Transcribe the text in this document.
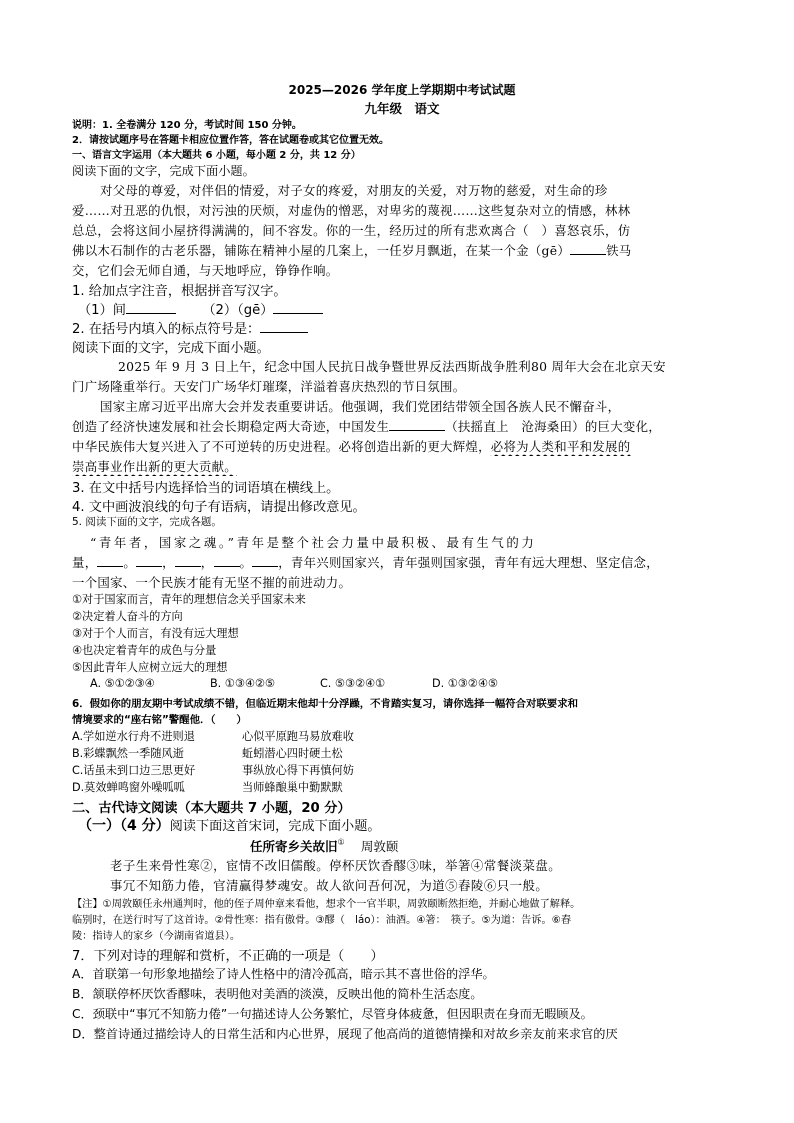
2025—2026 学年度上学期期中考试试题
九年级　语文
说明：1. 全卷满分 120 分，考试时间 150 分钟。
2．请按试题序号在答题卡相应位置作答，答在试题卷或其它位置无效。
一、语言文字运用（本大题共 6 小题，每小题 2 分，共 12 分）
阅读下面的文字，完成下面小题。
对父母的尊爱，对伴侣的情爱，对子女的疼爱，对朋友的关爱，对万物的慈爱，对生命的珍
爱……对丑恶的仇恨，对污浊的厌烦，对虚伪的憎恶，对卑劣的蔑视……这些复杂对立的情感，林林
总总，会将这间小屋挤得满满的，间不容发。你的一生，经历过的所有悲欢离合（　）喜怒哀乐，仿
佛以木石制作的古老乐器，铺陈在精神小屋的几案上，一任岁月飘逝，在某一个金（gē）	铁马
交，它们会无师自通，与天地呼应，铮铮作响。
1. 给加点字注音，根据拼音写汉字。
（1）间	（2）（gē）
2. 在括号内填入的标点符号是：
阅读下面的文字，完成下面小题。
2025 年 9 月 3 日上午，纪念中国人民抗日战争暨世界反法西斯战争胜利80 周年大会在北京天安
门广场隆重举行。天安门广场华灯璀璨，洋溢着喜庆热烈的节日氛围。
国家主席习近平出席大会并发表重要讲话。他强调，我们党团结带领全国各族人民不懈奋斗，
创造了经济快速发展和社会长期稳定两大奇迹，中国发生	（扶摇直上　沧海桑田）的巨大变化，
中华民族伟大复兴进入了不可逆转的历史进程。必将创造出新的更大辉煌，必将为人类和平和发展的
崇高事业作出新的更大贡献。
3. 在文中括号内选择恰当的词语填在横线上。
4. 文中画波浪线的句子有语病，请提出修改意见。
5. 阅读下面的文字，完成各题。
“青年者，国家之魂。”青年是整个社会力量中最积极、最有生气的力
量， 。 ， ， 。 ，青年兴则国家兴，青年强则国家强，青年有远大理想、坚定信念，
一个国家、一个民族才能有无坚不摧的前进动力。
①对于国家而言，青年的理想信念关乎国家未来
②决定着人奋斗的方向
③对于个人而言，有没有远大理想
④也决定着青年的成色与分量
⑤因此青年人应树立远大的理想
A. ⑤①②③④	B. ①③④②⑤	C. ⑤③②④①	D. ①③②④⑤
6．假如你的朋友期中考试成绩不错，但临近期末他却十分浮躁，不肯踏实复习，请你选择一幅符合对联要求和
情境要求的“座右铭”警醒他．（　　）
A.学如逆水行舟不进则退	心似平原跑马易放难收
B.彩蝶飘然一季随风逝	蚯蚓潜心四时硬土松
C.话虽未到口边三思更好	事纵放心得下再慎何妨
D.莫效蝉鸣窗外噪呱呱	当师蜂酿巢中勤默默
二、古代诗文阅读（本大题共 7 小题，20 分）
（一）（4 分）阅读下面这首宋词，完成下面小题。
任所寄乡关故旧① 周敦颐
老子生来骨性寒②，宦情不改旧儒酸。停杯厌饮香醪③味，举箸④常餐淡菜盘。
事冗不知筋力倦，官清赢得梦魂安。故人欲问吾何况，为道⑤舂陵⑥只一般。
【注】①周敦颐任永州通判时，他的侄子周仲章来看他，想求个一官半职，周敦颐断然拒绝，并耐心地做了解释。
临别时，在送行时写了这首诗。②骨性寒：指有傲骨。③醪（　láo）：油酒。④箸：　筷子。⑤为道：告诉。⑥舂
陵：指诗人的家乡（今湖南省道县）。
7．下列对诗的理解和赏析，不正确的一项是（　　）
A．首联第一句形象地描绘了诗人性格中的清冷孤高，暗示其不喜世俗的浮华。
B．颔联停杯厌饮香醪味，表明他对美酒的淡漠，反映出他的简朴生活态度。
C．颈联中“事冗不知筋力倦”一句描述诗人公务繁忙，尽管身体疲惫，但因职责在身而无暇顾及。
D．整首诗通过描绘诗人的日常生活和内心世界，展现了他高尚的道德情操和对故乡亲友前来求官的厌
